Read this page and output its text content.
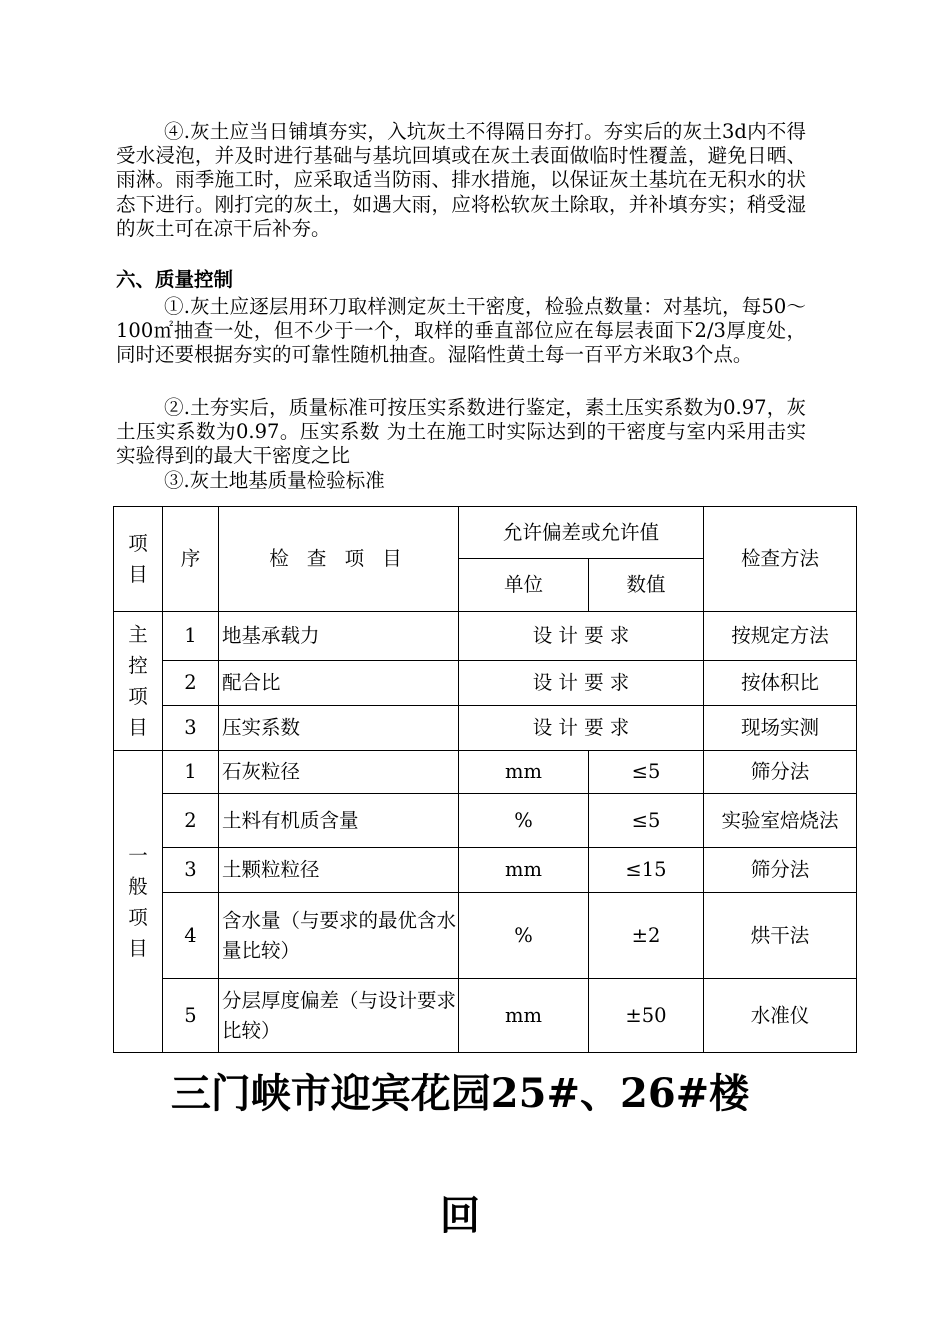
④.灰土应当日铺填夯实，入坑灰土不得隔日夯打。夯实后的灰土3d内不得受水浸泡，并及时进行基础与基坑回填或在灰土表面做临时性覆盖，避免日晒、雨淋。雨季施工时，应采取适当防雨、排水措施，以保证灰土基坑在无积水的状态下进行。刚打完的灰土，如遇大雨，应将松软灰土除取，并补填夯实；稍受湿的灰土可在凉干后补夯。

六、质量控制

①.灰土应逐层用环刀取样测定灰土干密度，检验点数量：对基坑，每50～100㎡抽查一处，但不少于一个，取样的垂直部位应在每层表面下2/3厚度处，同时还要根据夯实的可靠性随机抽查。湿陷性黄土每一百平方米取3个点。

②.土夯实后，质量标准可按压实系数进行鉴定，素土压实系数为0.97，灰土压实系数为0.97。压实系数 为土在施工时实际达到的干密度与室内采用击实实验得到的最大干密度之比

③.灰土地基质量检验标准

项目	序	检 查 项 目	允许偏差或允许值		检查方法
			单位	数值	
主控项目	1	地基承载力	设 计 要 求		按规定方法
	2	配合比	设 计 要 求		按体积比
	3	压实系数	设 计 要 求		现场实测
一般项目	1	石灰粒径	mm	≤5	筛分法
	2	土料有机质含量	%	≤5	实验室焙烧法
	3	土颗粒粒径	mm	≤15	筛分法
	4	含水量（与要求的最优含水量比较）	%	±2	烘干法
	5	分层厚度偏差（与设计要求比较）	mm	±50	水准仪
三门峡市迎宾花园25#、26#楼
回
